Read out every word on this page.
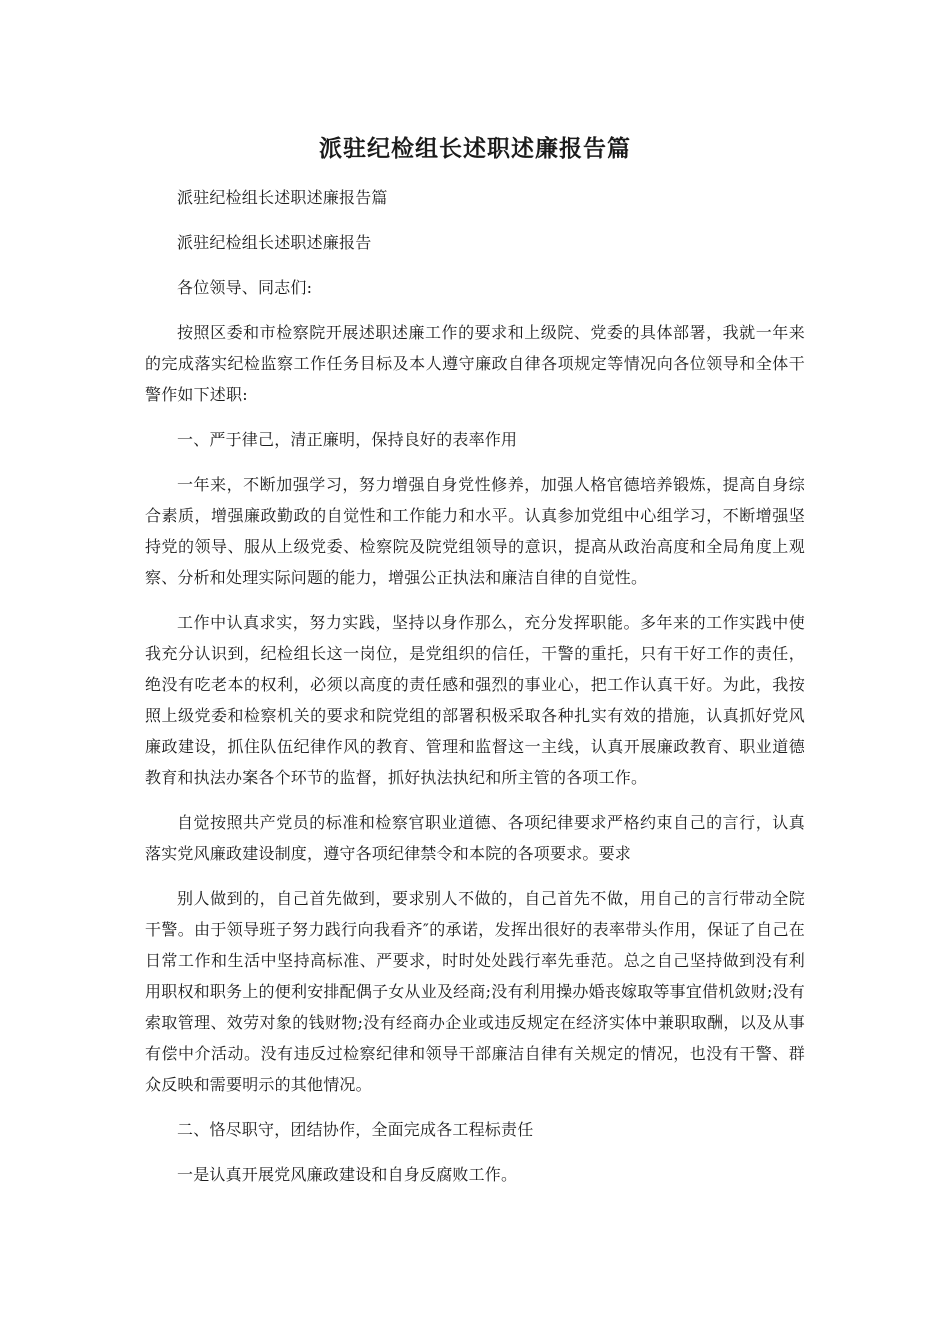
派驻纪检组长述职述廉报告篇

派驻纪检组长述职述廉报告篇

派驻纪检组长述职述廉报告

各位领导、同志们:

按照区委和市检察院开展述职述廉工作的要求和上级院、党委的具体部署，我就一年来的完成落实纪检监察工作任务目标及本人遵守廉政自律各项规定等情况向各位领导和全体干警作如下述职:

一、严于律己，清正廉明，保持良好的表率作用

一年来，不断加强学习，努力增强自身党性修养，加强人格官德培养锻炼，提高自身综合素质，增强廉政勤政的自觉性和工作能力和水平。认真参加党组中心组学习，不断增强坚持党的领导、服从上级党委、检察院及院党组领导的意识，提高从政治高度和全局角度上观察、分析和处理实际问题的能力，增强公正执法和廉洁自律的自觉性。

工作中认真求实，努力实践，坚持以身作那么，充分发挥职能。多年来的工作实践中使我充分认识到，纪检组长这一岗位，是党组织的信任，干警的重托，只有干好工作的责任，绝没有吃老本的权利，必须以高度的责任感和强烈的事业心，把工作认真干好。为此，我按照上级党委和检察机关的要求和院党组的部署积极采取各种扎实有效的措施，认真抓好党风廉政建设，抓住队伍纪律作风的教育、管理和监督这一主线，认真开展廉政教育、职业道德教育和执法办案各个环节的监督，抓好执法执纪和所主管的各项工作。

自觉按照共产党员的标准和检察官职业道德、各项纪律要求严格约束自己的言行，认真落实党风廉政建设制度，遵守各项纪律禁令和本院的各项要求。要求

别人做到的，自己首先做到，要求别人不做的，自己首先不做，用自己的言行带动全院干警。由于领导班子努力践行向我看齐″的承诺，发挥出很好的表率带头作用，保证了自己在日常工作和生活中坚持高标准、严要求，时时处处践行率先垂范。总之自己坚持做到没有利用职权和职务上的便利安排配偶子女从业及经商;没有利用操办婚丧嫁取等事宜借机敛财;没有索取管理、效劳对象的钱财物;没有经商办企业或违反规定在经济实体中兼职取酬，以及从事有偿中介活动。没有违反过检察纪律和领导干部廉洁自律有关规定的情况，也没有干警、群众反映和需要明示的其他情况。

二、恪尽职守，团结协作，全面完成各工程标责任

一是认真开展党风廉政建设和自身反腐败工作。
